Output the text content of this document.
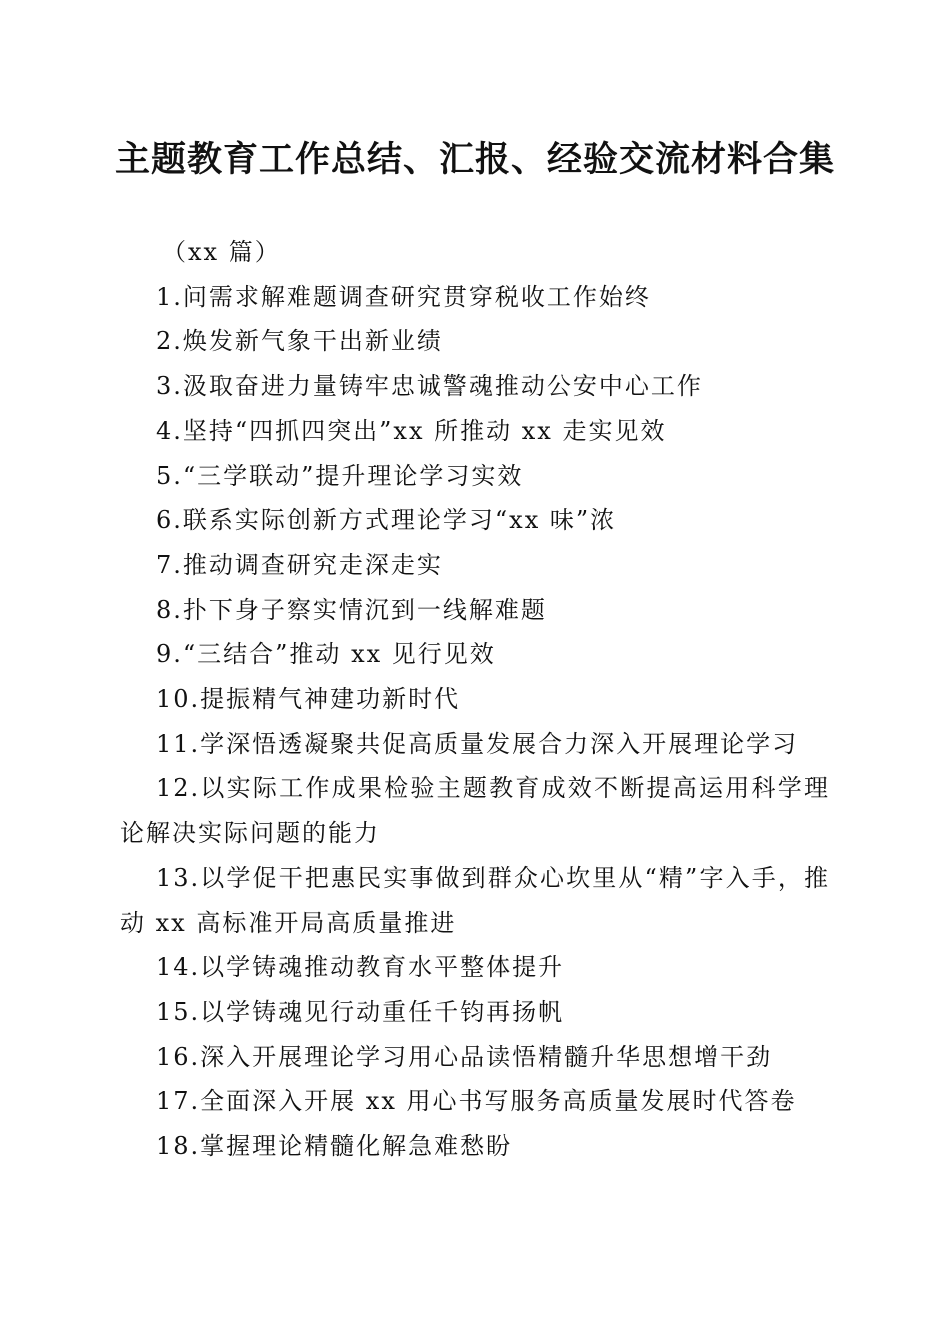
主题教育工作总结、汇报、经验交流材料合集

（xx 篇）

1.问需求解难题调查研究贯穿税收工作始终

2.焕发新气象干出新业绩

3.汲取奋进力量铸牢忠诚警魂推动公安中心工作

4.坚持“四抓四突出”xx 所推动 xx 走实见效

5.“三学联动”提升理论学习实效

6.联系实际创新方式理论学习“xx 味”浓

7.推动调查研究走深走实

8.扑下身子察实情沉到一线解难题

9.“三结合”推动 xx 见行见效

10.提振精气神建功新时代

11.学深悟透凝聚共促高质量发展合力深入开展理论学习

12.以实际工作成果检验主题教育成效不断提高运用科学理论解决实际问题的能力

13.以学促干把惠民实事做到群众心坎里从“精”字入手，推动 xx 高标准开局高质量推进

14.以学铸魂推动教育水平整体提升

15.以学铸魂见行动重任千钧再扬帆

16.深入开展理论学习用心品读悟精髓升华思想增干劲

17.全面深入开展 xx 用心书写服务高质量发展时代答卷

18.掌握理论精髓化解急难愁盼
